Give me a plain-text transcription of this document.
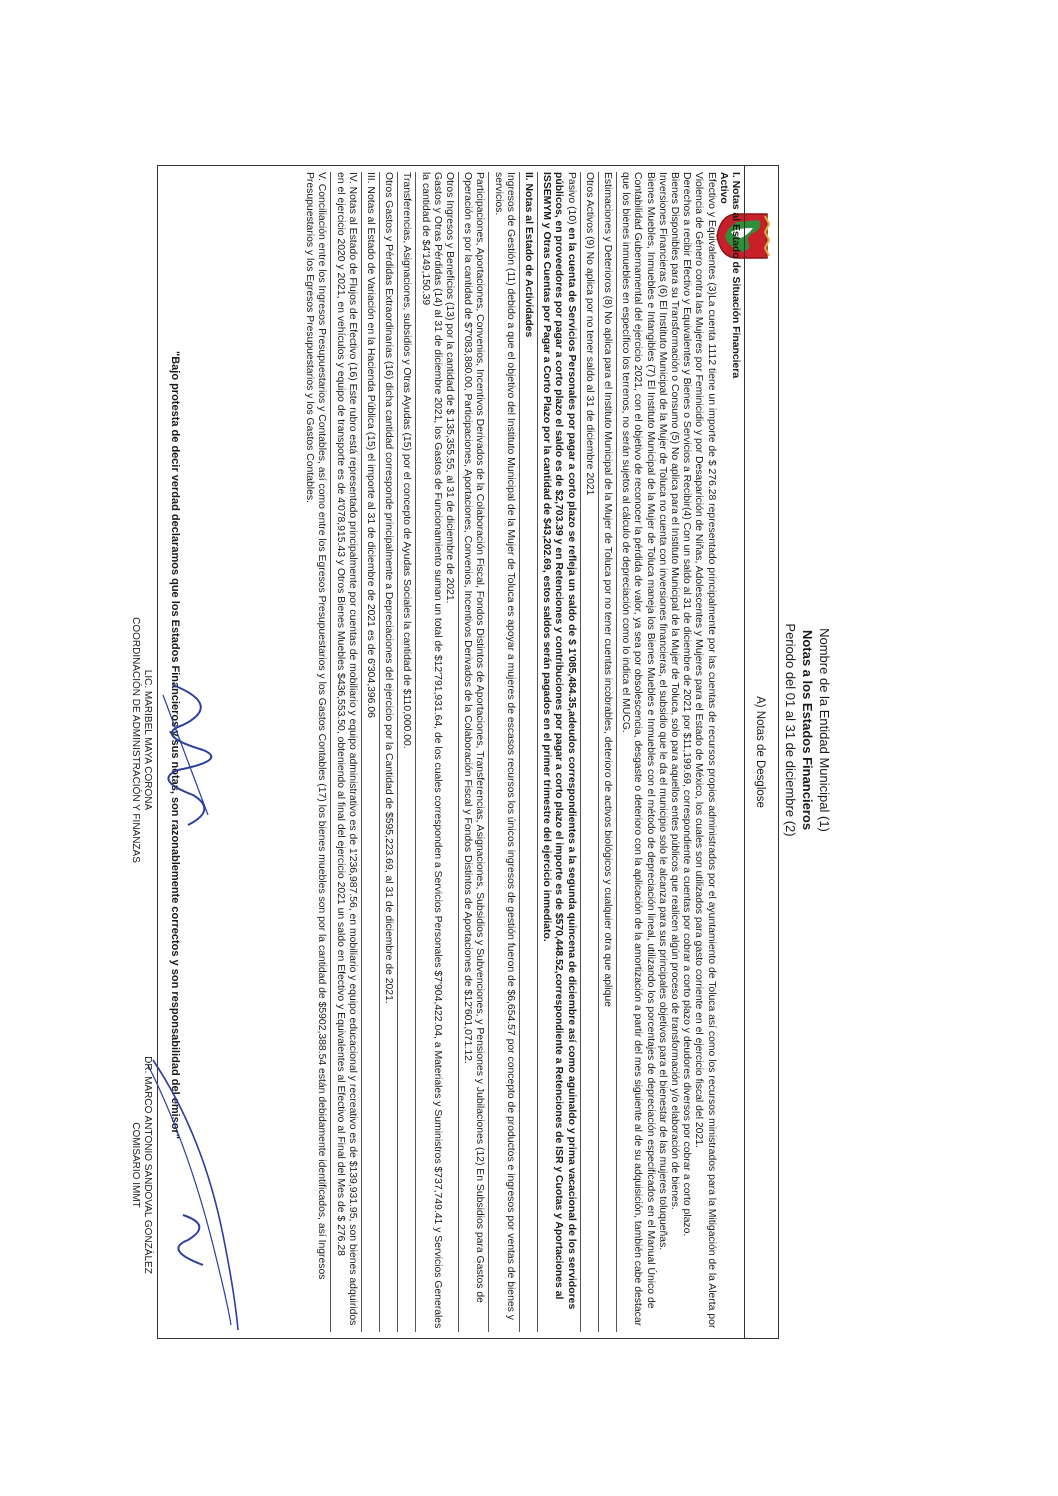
Nombre de la Entidad Municipal (1)
Notas a los Estados Financieros
Periodo del 01 al 31 de diciembre (2)
A) Notas de Desglose

I. Notas al Estado de Situación Financiera

Activo

Efectivo y Equivalentes (3)La cuenta 1112 tiene un importe de $ 276.28 representado principalmente por las cuentas de recursos propios administrados por el ayuntamiento de Toluca así como los recursos ministrados para la Mitigación de la Alerta por Violencia de Género contra las Mujeres por Feminicidio y por Desaparición de Niñas, Adolescentes y Mujeres para el Estado de México, los cuales son utilizados para gasto corriente en el ejercicio fiscal del 2021.

Derechos a recibir Efectivo y Equivalentes y Bienes o Servicios a Recibir(4) Con un saldo al 31 de diciembre de 2021 por $11,199.69, correspondiente a cuentas por cobrar a corto plazo y deudores diversos por cobrar a corto plazo.

Bienes Disponibles para su Transformación o Consumo (5) No aplica para el Instituto Municipal de la Mujer de Toluca, solo para aquellos entes públicos que realicen algún proceso de transformación y/o elaboración de bienes.

Inversiones Financieras (6) El Instituto Municipal de la Mujer de Toluca no cuenta con inversiones financieras, el subsidio que le da el municipio solo le alcanza para sus principales objetivos para el bienestar de las mujeres toluqueñas.

Bienes Muebles, Inmuebles e Intangibles (7) El Instituto Municipal de la Mujer de Toluca maneja los Bienes Muebles e Inmuebles con el método de depreciación lineal, utilizando los porcentajes de depreciación especificados en el Manual Único de Contabilidad Gubernamental del ejercicio 2021, con el objetivo de reconocer la pérdida de valor, ya sea por obsolescencia, desgaste o deterioro con la aplicación de la amortización a partir del mes siguiente al de su adquisición, también cabe destacar que los bienes inmuebles en específico los terrenos, no serán sujetos al cálculo de depreciación como lo indica el MUCG.

Estimaciones y Deterioros (8) No aplica para el Instituto Municipal de la Mujer de Toluca por no tener cuentas incobrables, deterioro de activos biológicos y cualquier otra que aplique

Otros Activos (9) No aplica por no tener saldo al 31 de diciembre 2021

Pasivo (10) en la cuenta de Servicios Personales por pagar a corto plazo se refleja un saldo de $ 1'085,484.35,adeudos correspondientes a la segunda quincena de diciembre así como aguinaldo y prima vacacional de los servidores públicos, en proveedores por pagar a corto plazo el saldo es de $2,703.39 y en Retenciones y contribuciones por pagar a corto plazo el importe es de $570,448.52,correspondiente a Retenciones de ISR y Cuotas y Aportaciones al ISSEMYM y Otras Cuentas por Pagar a Corto Plazo por la cantidad de $43,202.69, estos saldos serán pagados en el primer trimestre del ejercicio inmediato.

II. Notas al Estado de Actividades

Ingresos de Gestión (11) debido a que el objetivo del Instituto Municipal de la Mujer de Toluca es apoyar a mujeres de escasos recursos los únicos ingresos de gestión fueron de $6,654.57 por concepto de productos e ingresos por ventas de bienes y servicios.

Participaciones, Aportaciones, Convenios, Incentivos Derivados de la Colaboración Fiscal, Fondos Distintos de Aportaciones, Transferencias, Asignaciones, Subsidios y Subvenciones, y Pensiones y Jubilaciones (12) En Subsidios para Gastos de Operación es por la cantidad de $7'083,880.00, Participaciones, Aportaciones, Convenios, Incentivos Derivados de la Colaboración Fiscal y Fondos Distintos de Aportaciones de $12'601,071.12.

Otros Ingresos y Beneficios (13) por la cantidad de $ 135,355.55, al 31 de diciembre de 2021.

Gastos y Otras Pérdidas (14) al 31 de diciembre 2021, los Gastos de Funcionamiento suman un total de $12'791,931.64, de los cuales corresponden a Servicios Personales $7'904,422.04, a Materiales y Suministros $737,749.41 y Servicios Generales la cantidad de $4'149,150.39

Transferencias, Asignaciones, subsidios y Otras Ayudas (15) por el concepto de Ayudas Sociales la cantidad de $110,000.00.

Otros Gastos y Pérdidas Extraordinarias (16) dicha cantidad corresponde principalmente a Depreciaciones del ejercicio por la Cantidad de $595,223.69, al 31 de diciembre de 2021.

III. Notas al Estado de Variación en la Hacienda Pública (15) el importe al 31 de diciembre de 2021 es de 6'304,396.06

IV. Notas al Estado de Flujos de Efectivo (16) Este rubro está representado principalmente por cuentas de mobiliario y equipo administrativo es de 1'236,987.56, en mobiliario y equipo educacional y recreativo es de $139,931.95, son bienes adquiridos en el ejercicio 2020 y 2021, en vehículos y equipo de transporte es de 4'078,915.43 y Otros Bienes Muebles $436,553.50, obteniendo al final del ejercicio 2021 un saldo en Efectivo y Equivalentes al Efectivo al Final del Mes de $ 276.28

V. Conciliación entre los Ingresos Presupuestarios y Contables, así como entre los Egresos Presupuestarios y los Gastos Contables (17) los bienes muebles son por la cantidad de $5902,388.54 están debidamente identificados, así Ingresos Presupuestarios y los Egresos Presupuestarios y los Gastos Contables.

"Bajo protesta de decir verdad declaramos que los Estados Financieros y sus notas, son razonablemente correctos y son responsabilidad del emisor"
LIC. MARIBEL MAYA CORONA
COORDINACIÓN DE ADMINISTRACIÓN Y FINANZAS
DR. MARCO ANTONIO SANDOVAL GONZÁLEZ
COMISARIO IMMT
